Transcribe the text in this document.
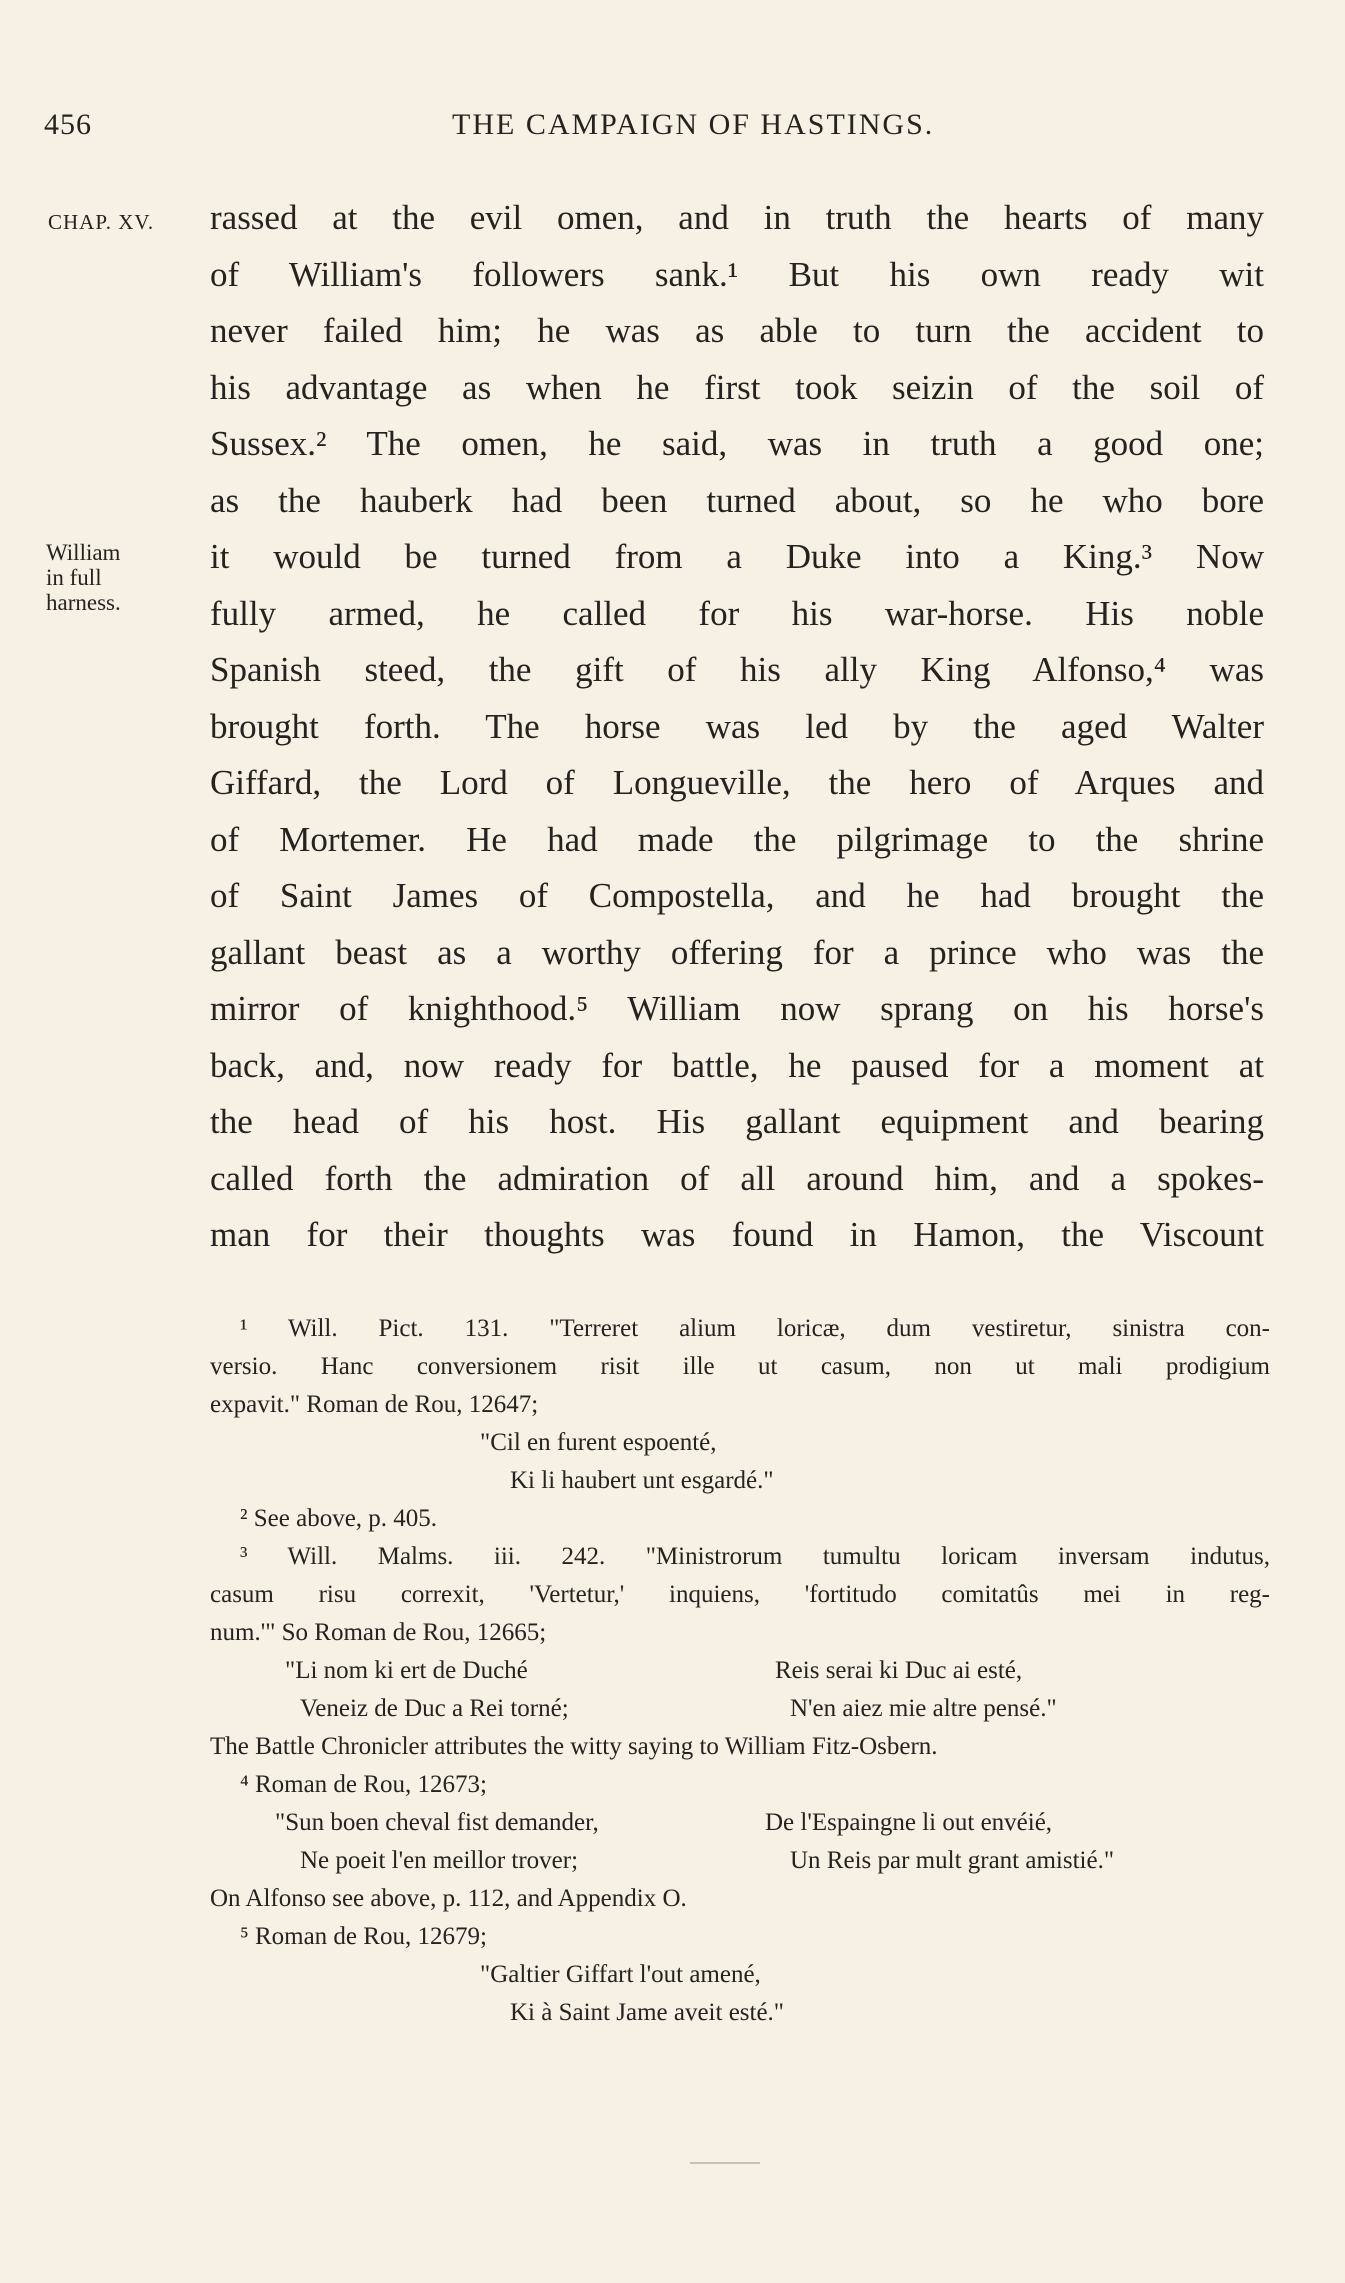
456	THE CAMPAIGN OF HASTINGS.
CHAP. XV.
William
in full
harness.
rassed at the evil omen, and in truth the hearts of many
of William's followers sank.¹ But his own ready wit
never failed him; he was as able to turn the accident to
his advantage as when he first took seizin of the soil of
Sussex.² The omen, he said, was in truth a good one;
as the hauberk had been turned about, so he who bore
it would be turned from a Duke into a King.³ Now
fully armed, he called for his war-horse. His noble
Spanish steed, the gift of his ally King Alfonso,⁴ was
brought forth. The horse was led by the aged Walter
Giffard, the Lord of Longueville, the hero of Arques and
of Mortemer. He had made the pilgrimage to the shrine
of Saint James of Compostella, and he had brought the
gallant beast as a worthy offering for a prince who was the
mirror of knighthood.⁵ William now sprang on his horse's
back, and, now ready for battle, he paused for a moment at
the head of his host. His gallant equipment and bearing
called forth the admiration of all around him, and a spokes-
man for their thoughts was found in Hamon, the Viscount
¹ Will. Pict. 131. "Terreret alium loricæ, dum vestiretur, sinistra con-
versio. Hanc conversionem risit ille ut casum, non ut mali prodigium
expavit." Roman de Rou, 12647;
"Cil en furent espoenté,
Ki li haubert unt esgardé."
² See above, p. 405.
³ Will. Malms. iii. 242. "Ministrorum tumultu loricam inversam indutus,
casum risu correxit, 'Vertetur,' inquiens, 'fortitudo comitatûs mei in reg-
num.'" So Roman de Rou, 12665;
"Li nom ki ert de Duché	Reis serai ki Duc ai esté,
Veneiz de Duc a Rei torné;	N'en aiez mie altre pensé."
The Battle Chronicler attributes the witty saying to William Fitz-Osbern.
⁴ Roman de Rou, 12673;
"Sun boen cheval fist demander,	De l'Espaingne li out envéié,
Ne poeit l'en meillor trover;	Un Reis par mult grant amistié."
On Alfonso see above, p. 112, and Appendix O.
⁵ Roman de Rou, 12679;
"Galtier Giffart l'out amené,
Ki à Saint Jame aveit esté."
